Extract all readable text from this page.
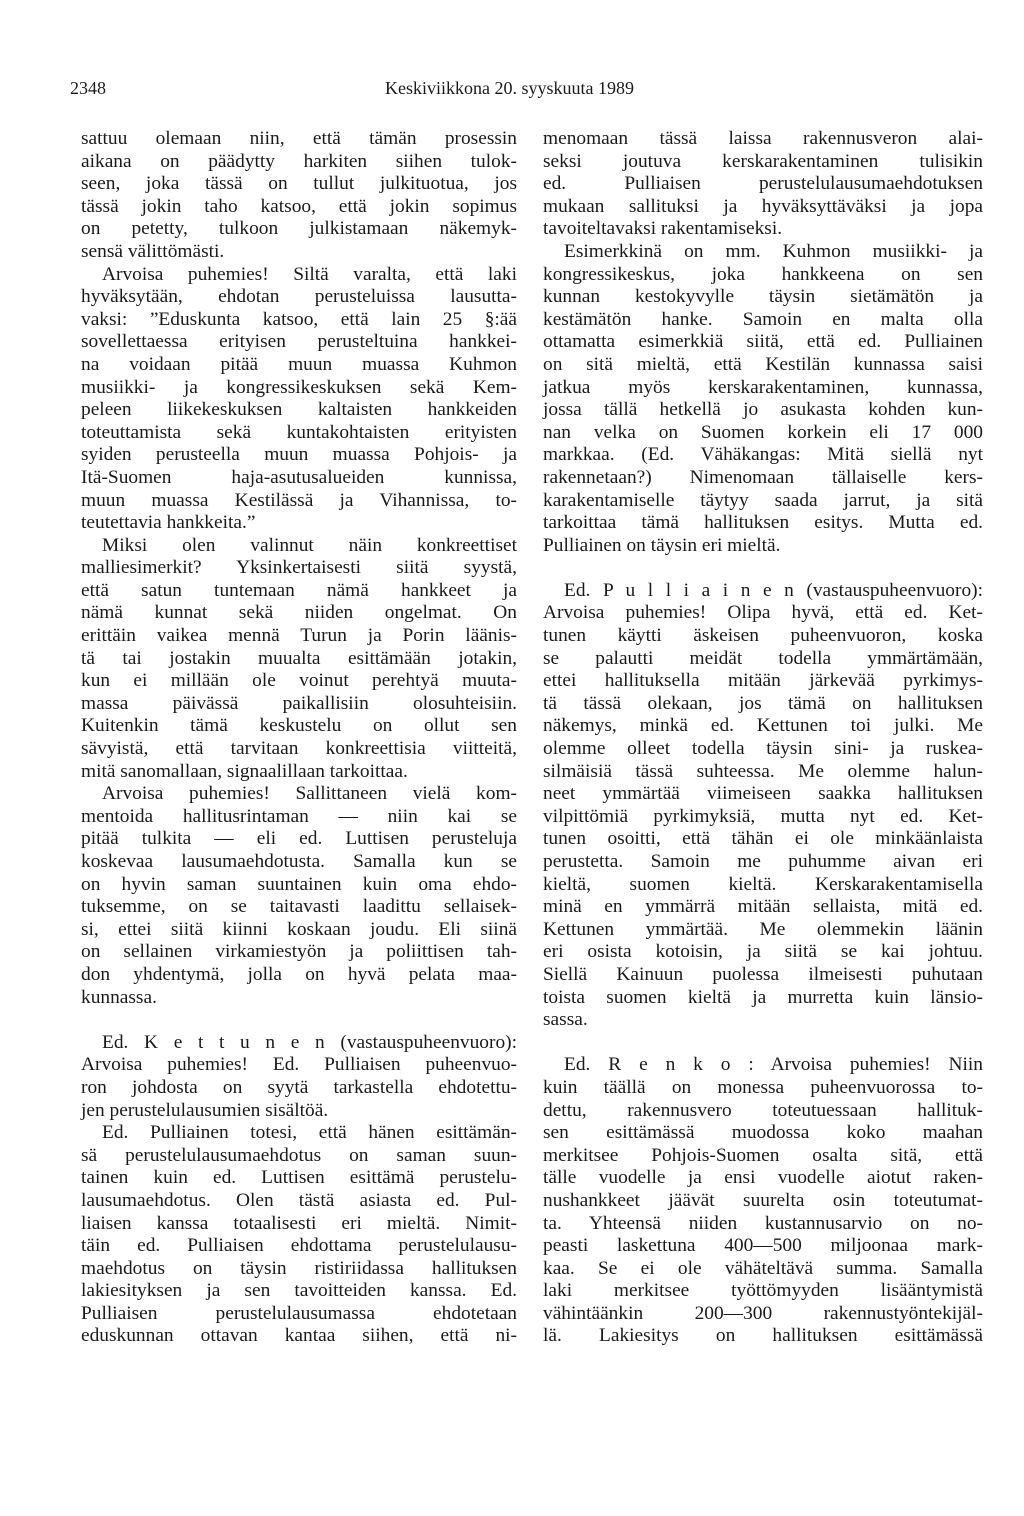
2348	Keskiviikkona 20. syyskuuta 1989
sattuu olemaan niin, että tämän prosessin
aikana on päädytty harkiten siihen tulok-
seen, joka tässä on tullut julkituotua, jos
tässä jokin taho katsoo, että jokin sopimus
on petetty, tulkoon julkistamaan näkemyk-
sensä välittömästi.
Arvoisa puhemies! Siltä varalta, että laki
hyväksytään, ehdotan perusteluissa lausutta-
vaksi: ”Eduskunta katsoo, että lain 25 §:ää
sovellettaessa erityisen perusteltuina hankkei-
na voidaan pitää muun muassa Kuhmon
musiikki- ja kongressikeskuksen sekä Kem-
peleen liikekeskuksen kaltaisten hankkeiden
toteuttamista sekä kuntakohtaisten erityisten
syiden perusteella muun muassa Pohjois- ja
Itä-Suomen haja-asutusalueiden kunnissa,
muun muassa Kestilässä ja Vihannissa, to-
teutettavia hankkeita.”
Miksi olen valinnut näin konkreettiset
malliesimerkit? Yksinkertaisesti siitä syystä,
että satun tuntemaan nämä hankkeet ja
nämä kunnat sekä niiden ongelmat. On
erittäin vaikea mennä Turun ja Porin läänis-
tä tai jostakin muualta esittämään jotakin,
kun ei millään ole voinut perehtyä muuta-
massa päivässä paikallisiin olosuhteisiin.
Kuitenkin tämä keskustelu on ollut sen
sävyistä, että tarvitaan konkreettisia viitteitä,
mitä sanomallaan, signaalillaan tarkoittaa.
Arvoisa puhemies! Sallittaneen vielä kom-
mentoida hallitusrintaman — niin kai se
pitää tulkita — eli ed. Luttisen perusteluja
koskevaa lausumaehdotusta. Samalla kun se
on hyvin saman suuntainen kuin oma ehdo-
tuksemme, on se taitavasti laadittu sellaisek-
si, ettei siitä kiinni koskaan joudu. Eli siinä
on sellainen virkamiestyön ja poliittisen tah-
don yhdentymä, jolla on hyvä pelata maa-
kunnassa.
Ed. K e t t u n e n (vastauspuheenvuoro):
Arvoisa puhemies! Ed. Pulliaisen puheenvuo-
ron johdosta on syytä tarkastella ehdotettu-
jen perustelulausumien sisältöä.
Ed. Pulliainen totesi, että hänen esittämän-
sä perustelulausumaehdotus on saman suun-
tainen kuin ed. Luttisen esittämä perustelu-
lausumaehdotus. Olen tästä asiasta ed. Pul-
liaisen kanssa totaalisesti eri mieltä. Nimit-
täin ed. Pulliaisen ehdottama perustelulausu-
maehdotus on täysin ristiriidassa hallituksen
lakiesityksen ja sen tavoitteiden kanssa. Ed.
Pulliaisen perustelulausumassa ehdotetaan
eduskunnan ottavan kantaa siihen, että ni-
menomaan tässä laissa rakennusveron alai-
seksi joutuva kerskarakentaminen tulisikin
ed. Pulliaisen perustelulausumaehdotuksen
mukaan sallituksi ja hyväksyttäväksi ja jopa
tavoiteltavaksi rakentamiseksi.
Esimerkkinä on mm. Kuhmon musiikki- ja
kongressikeskus, joka hankkeena on sen
kunnan kestokyvylle täysin sietämätön ja
kestämätön hanke. Samoin en malta olla
ottamatta esimerkkiä siitä, että ed. Pulliainen
on sitä mieltä, että Kestilän kunnassa saisi
jatkua myös kerskarakentaminen, kunnassa,
jossa tällä hetkellä jo asukasta kohden kun-
nan velka on Suomen korkein eli 17 000
markkaa. (Ed. Vähäkangas: Mitä siellä nyt
rakennetaan?) Nimenomaan tällaiselle kers-
karakentamiselle täytyy saada jarrut, ja sitä
tarkoittaa tämä hallituksen esitys. Mutta ed.
Pulliainen on täysin eri mieltä.
Ed. P u l l i a i n e n (vastauspuheenvuoro):
Arvoisa puhemies! Olipa hyvä, että ed. Ket-
tunen käytti äskeisen puheenvuoron, koska
se palautti meidät todella ymmärtämään,
ettei hallituksella mitään järkevää pyrkimys-
tä tässä olekaan, jos tämä on hallituksen
näkemys, minkä ed. Kettunen toi julki. Me
olemme olleet todella täysin sini- ja ruskea-
silmäisiä tässä suhteessa. Me olemme halun-
neet ymmärtää viimeiseen saakka hallituksen
vilpittömiä pyrkimyksiä, mutta nyt ed. Ket-
tunen osoitti, että tähän ei ole minkäänlaista
perustetta. Samoin me puhumme aivan eri
kieltä, suomen kieltä. Kerskarakentamisella
minä en ymmärrä mitään sellaista, mitä ed.
Kettunen ymmärtää. Me olemmekin läänin
eri osista kotoisin, ja siitä se kai johtuu.
Siellä Kainuun puolessa ilmeisesti puhutaan
toista suomen kieltä ja murretta kuin länsio-
sassa.
Ed. R e n k o : Arvoisa puhemies! Niin
kuin täällä on monessa puheenvuorossa to-
dettu, rakennusvero toteutuessaan hallituk-
sen esittämässä muodossa koko maahan
merkitsee Pohjois-Suomen osalta sitä, että
tälle vuodelle ja ensi vuodelle aiotut raken-
nushankkeet jäävät suurelta osin toteutumat-
ta. Yhteensä niiden kustannusarvio on no-
peasti laskettuna 400—500 miljoonaa mark-
kaa. Se ei ole vähäteltävä summa. Samalla
laki merkitsee työttömyyden lisääntymistä
vähintäänkin 200—300 rakennustyöntekijäl-
lä. Lakiesitys on hallituksen esittämässä
